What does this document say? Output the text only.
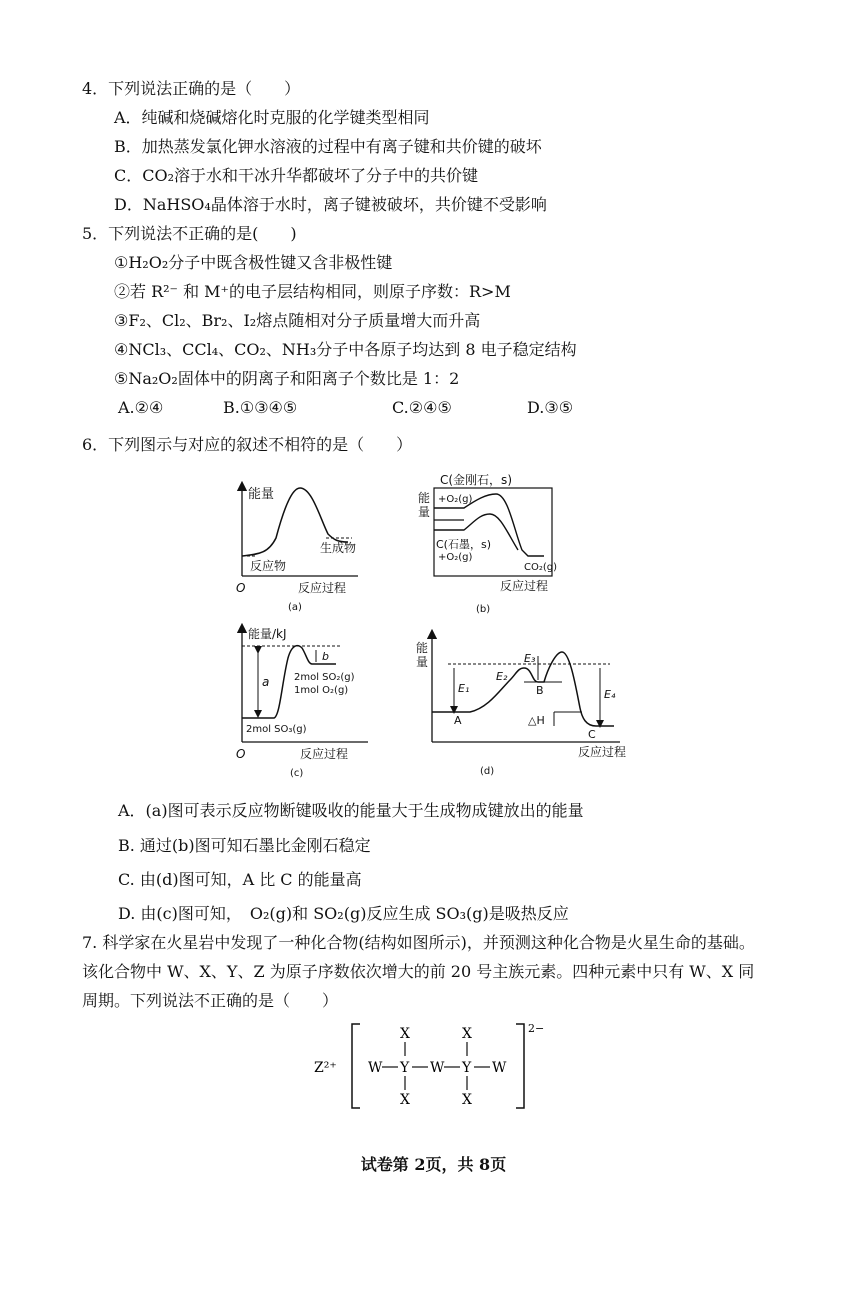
4．下列说法正确的是（　　）
A．纯碱和烧碱熔化时克服的化学键类型相同
B．加热蒸发氯化钾水溶液的过程中有离子键和共价键的破坏
C．CO₂溶于水和干冰升华都破坏了分子中的共价键
D．NaHSO₄晶体溶于水时，离子键被破坏，共价键不受影响
5．下列说法不正确的是(　　)
①H₂O₂分子中既含极性键又含非极性键
②若 R²⁻ 和 M⁺的电子层结构相同，则原子序数：R>M
③F₂、Cl₂、Br₂、I₂熔点随相对分子质量增大而升高
④NCl₃、CCl₄、CO₂、NH₃分子中各原子均达到 8 电子稳定结构
⑤Na₂O₂固体中的阴离子和阳离子个数比是 1：2
A.②④	B.①③④⑤	C.②④⑤	D.③⑤
6．下列图示与对应的叙述不相符的是（　　）
能量
反应物
生成物
O	反应过程
(a)
C(金刚石，s)
+O₂(g)
能
量
C(石墨，s)
+O₂(g)
CO₂(g)
反应过程
(b)
能量/kJ
a
b
2mol SO₂(g)
1mol O₂(g)
2mol SO₃(g)
O	反应过程
(c)
能
量
E₁
E₂
E₃
E₄
A
B
C
△H
反应过程
(d)
A．(a)图可表示反应物断键吸收的能量大于生成物成键放出的能量
B. 通过(b)图可知石墨比金刚石稳定
C. 由(d)图可知，A 比 C 的能量高
D. 由(c)图可知，　O₂(g)和 SO₂(g)反应生成 SO₃(g)是吸热反应
7. 科学家在火星岩中发现了一种化合物(结构如图所示)，并预测这种化合物是火星生命的基础。
该化合物中 W、X、Y、Z 为原子序数依次增大的前 20 号主族元素。四种元素中只有 W、X 同
周期。下列说法不正确的是（　　）
Z²⁺
2−
X	X
X	X
W Y W Y W
试卷第 2页，共 8页
